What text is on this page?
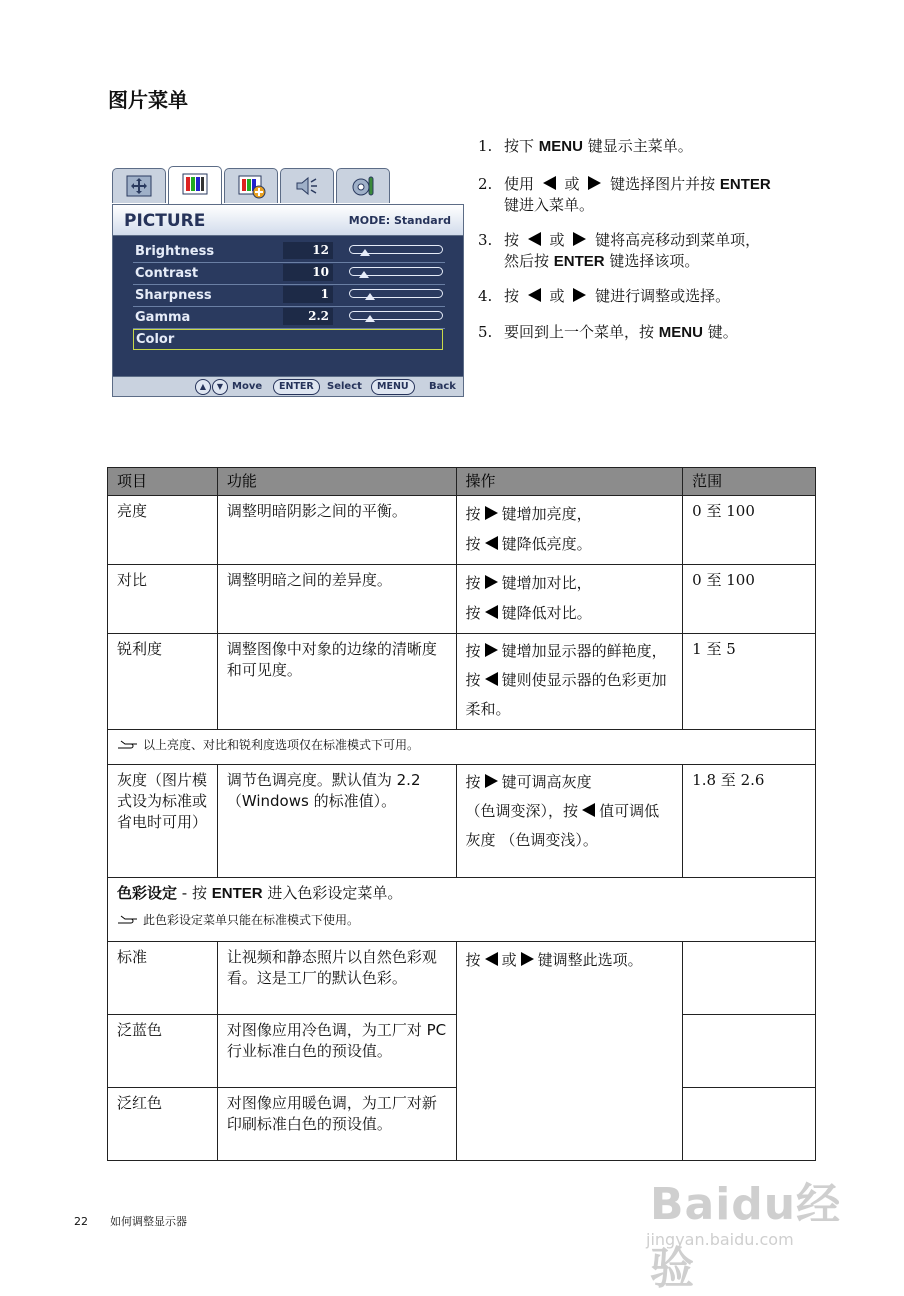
图片菜单
PICTURE	MODE: Standard
Brightness	12
Contrast	10
Sharpness	1
Gamma	2.2
Color
▲	▼ Move	ENTER	Select	MENU	Back
1. 按下 MENU 键显示主菜单。
2. 使用  或  键选择图片并按 ENTER
键进入菜单。
3. 按  或  键将高亮移动到菜单项，
然后按 ENTER 键选择该项。
4. 按  或  键进行调整或选择。
5. 要回到上一个菜单，按 MENU 键。
项目	功能	操作	范围
亮度	调整明暗阴影之间的平衡。	按 键增加亮度，
按 键降低亮度。	0 至 100
对比	调整明暗之间的差异度。	按 键增加对比，
按 键降低对比。	0 至 100
锐利度	调整图像中对象的边缘的清晰度和可见度。	按 键增加显示器的鲜艳度，按 键则使显示器的色彩更加柔和。	1 至 5
以上亮度、对比和锐利度选项仅在标准模式下可用。			
灰度（图片模式设为标准或省电时可用）	调节色调亮度。默认值为 2.2 （Windows 的标准值）。	按 键可调高灰度
（色调变深），按 值可调低灰度 （色调变浅）。	1.8 至 2.6
色彩设定 - 按 ENTER 进入色彩设定菜单。
此色彩设定菜单只能在标准模式下使用。			
标准	让视频和静态照片以自然色彩观看。这是工厂的默认色彩。	按 或 键调整此选项。	
泛蓝色	对图像应用冷色调，为工厂对 PC 行业标准白色的预设值。		
泛红色	对图像应用暖色调，为工厂对新印刷标准白色的预设值。		
22 如何调整显示器	Baidu经验
jingyan.baidu.com
